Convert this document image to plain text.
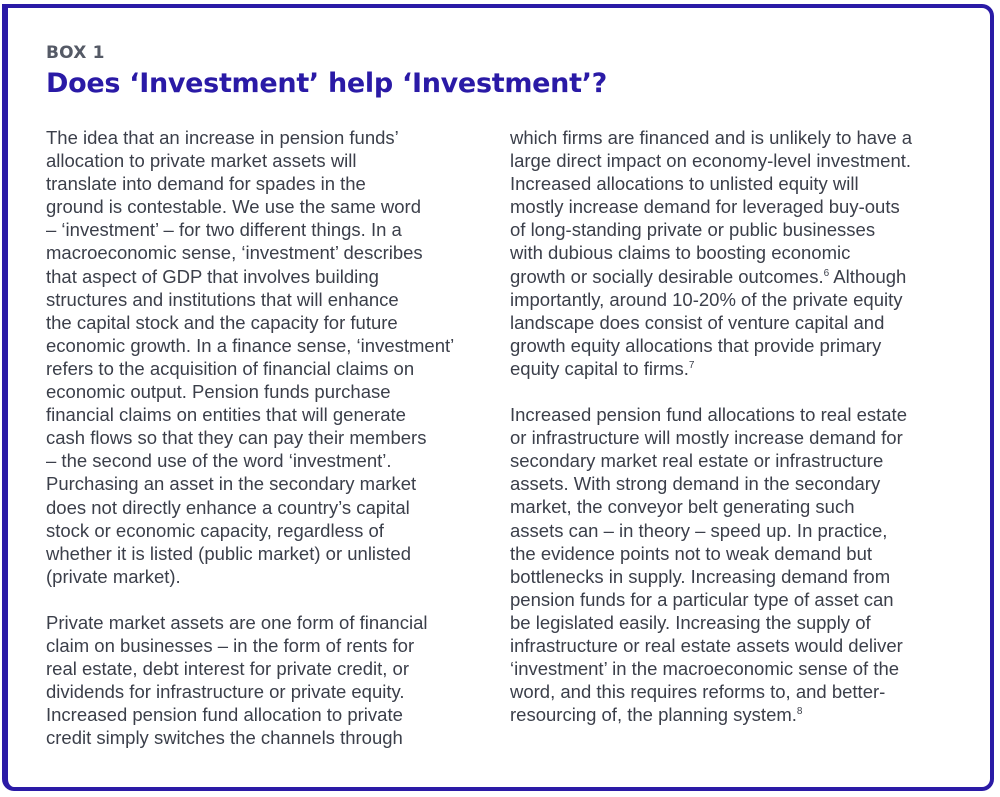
BOX 1
Does ‘Investment’ help ‘Investment’?

The idea that an increase in pension funds’
allocation to private market assets will
translate into demand for spades in the
ground is contestable. We use the same word
– ‘investment’ – for two different things. In a
macroeconomic sense, ‘investment’ describes
that aspect of GDP that involves building
structures and institutions that will enhance
the capital stock and the capacity for future
economic growth. In a finance sense, ‘investment’
refers to the acquisition of financial claims on
economic output. Pension funds purchase
financial claims on entities that will generate
cash flows so that they can pay their members
– the second use of the word ‘investment’.
Purchasing an asset in the secondary market
does not directly enhance a country’s capital
stock or economic capacity, regardless of
whether it is listed (public market) or unlisted
(private market).

Private market assets are one form of financial
claim on businesses – in the form of rents for
real estate, debt interest for private credit, or
dividends for infrastructure or private equity.
Increased pension fund allocation to private
credit simply switches the channels through

which firms are financed and is unlikely to have a
large direct impact on economy-level investment.
Increased allocations to unlisted equity will
mostly increase demand for leveraged buy-outs
of long-standing private or public businesses
with dubious claims to boosting economic
growth or socially desirable outcomes.$^6$ Although
importantly, around 10-20% of the private equity
landscape does consist of venture capital and
growth equity allocations that provide primary
equity capital to firms.$^7$

Increased pension fund allocations to real estate
or infrastructure will mostly increase demand for
secondary market real estate or infrastructure
assets. With strong demand in the secondary
market, the conveyor belt generating such
assets can – in theory – speed up. In practice,
the evidence points not to weak demand but
bottlenecks in supply. Increasing demand from
pension funds for a particular type of asset can
be legislated easily. Increasing the supply of
infrastructure or real estate assets would deliver
‘investment’ in the macroeconomic sense of the
word, and this requires reforms to, and better-
resourcing of, the planning system.$^8$
